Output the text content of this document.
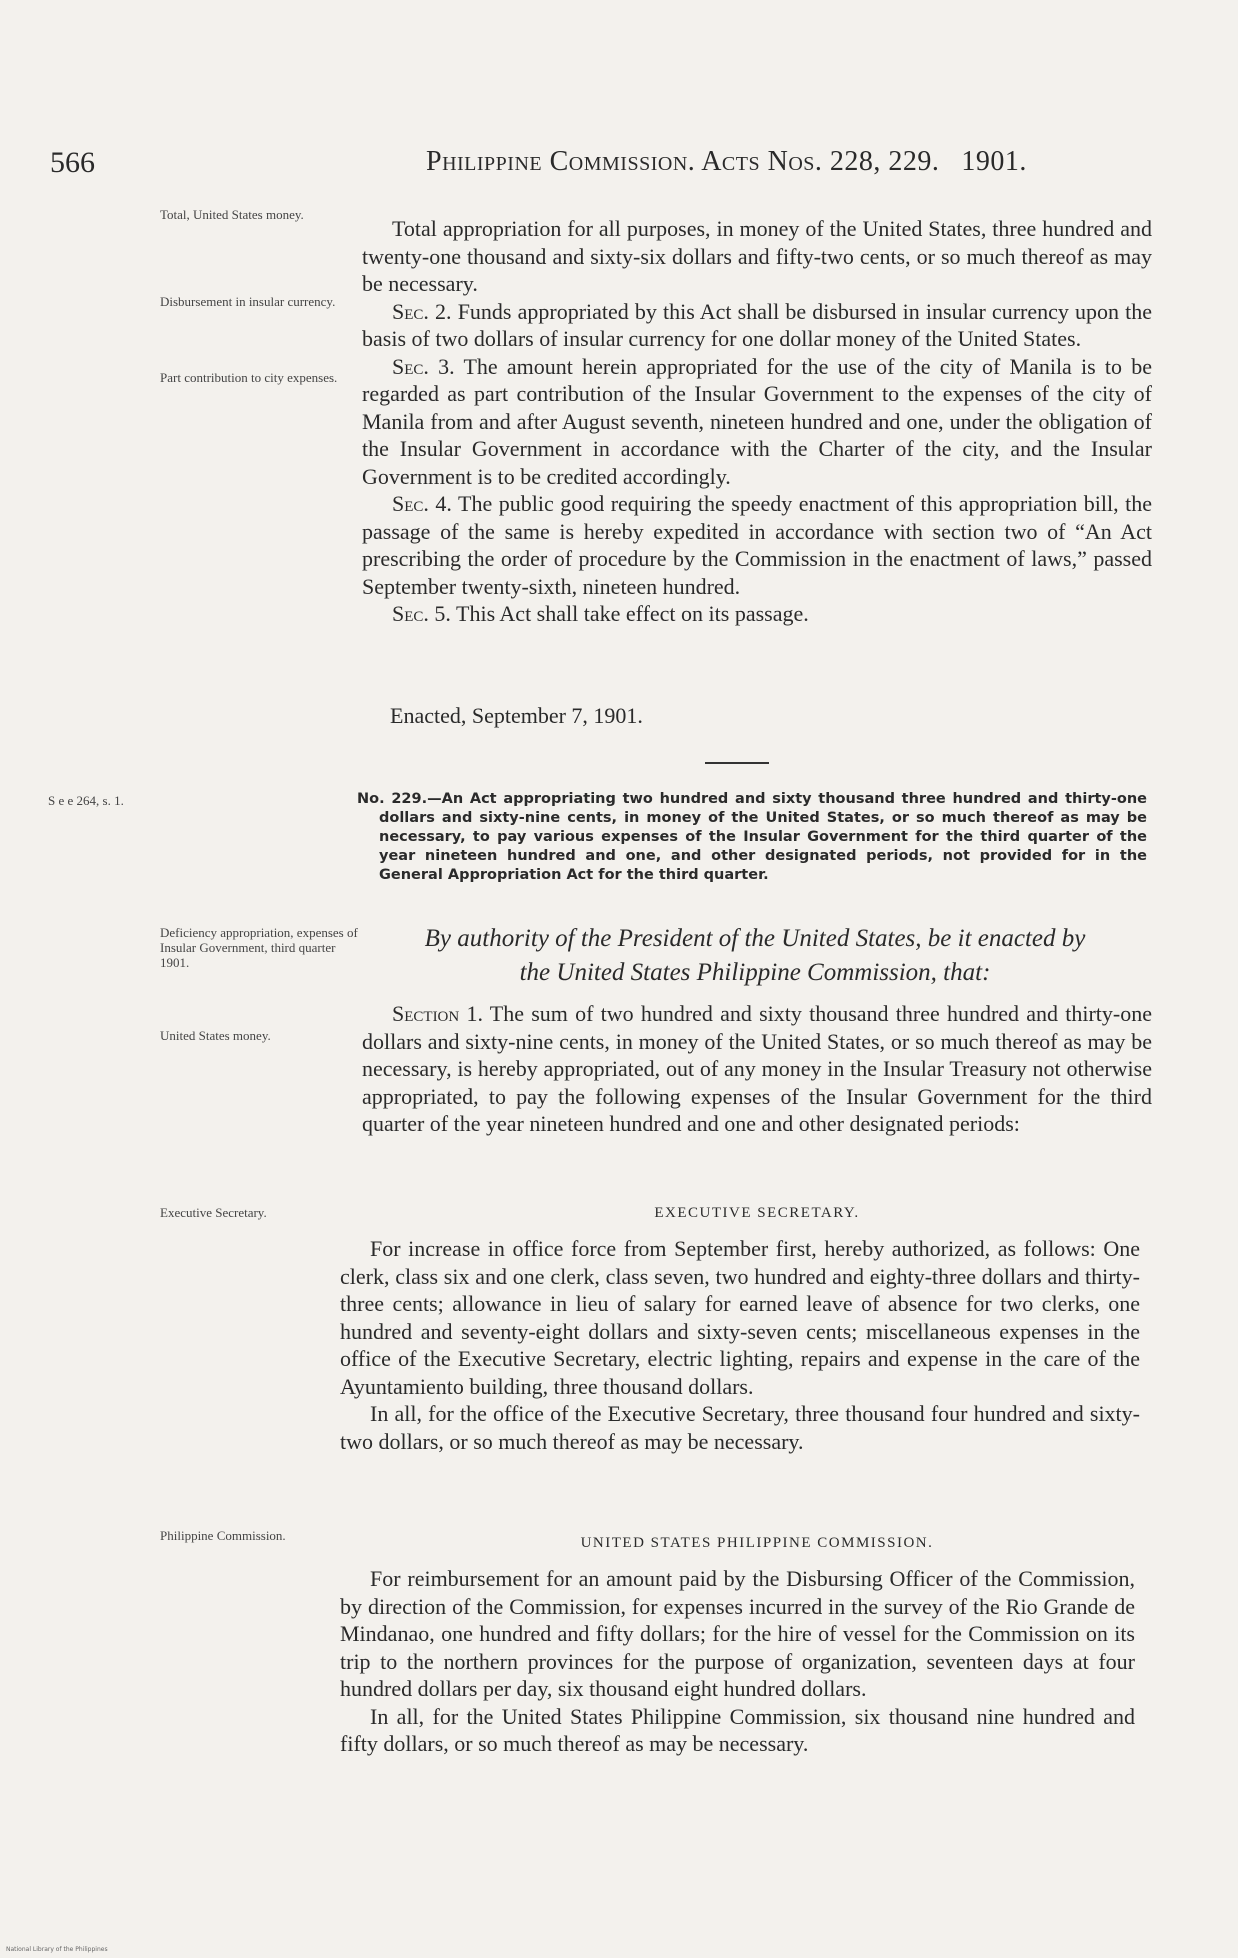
566	Philippine Commission. Acts Nos. 228, 229. 1901.
Total, United States money.
Disbursement in insular currency.
Part contribution to city expenses.
S e e 264, s. 1.
Deficiency appropriation, expenses of Insular Government, third quarter 1901.
United States money.
Executive Secretary.
Philippine Commission.

Total appropriation for all purposes, in money of the United States, three hundred and twenty-one thousand and sixty-six dollars and fifty-two cents, or so much thereof as may be necessary.

Sec. 2. Funds appropriated by this Act shall be disbursed in insular currency upon the basis of two dollars of insular currency for one dollar money of the United States.

Sec. 3. The amount herein appropriated for the use of the city of Manila is to be regarded as part contribution of the Insular Government to the expenses of the city of Manila from and after August seventh, nineteen hundred and one, under the obligation of the Insular Government in accordance with the Charter of the city, and the Insular Government is to be credited accordingly.

Sec. 4. The public good requiring the speedy enactment of this appropriation bill, the passage of the same is hereby expedited in accordance with section two of “An Act prescribing the order of procedure by the Commission in the enactment of laws,” passed September twenty-sixth, nineteen hundred.

Sec. 5. This Act shall take effect on its passage.

Enacted, September 7, 1901.
No. 229.—An Act appropriating two hundred and sixty thousand three hundred and thirty-one dollars and sixty-nine cents, in money of the United States, or so much thereof as may be necessary, to pay various expenses of the Insular Government for the third quarter of the year nineteen hundred and one, and other designated periods, not provided for in the General Appropriation Act for the third quarter.
By authority of the President of the United States, be it enacted by
the United States Philippine Commission, that:

Section 1. The sum of two hundred and sixty thousand three hundred and thirty-one dollars and sixty-nine cents, in money of the United States, or so much thereof as may be necessary, is hereby appropriated, out of any money in the Insular Treasury not otherwise appropriated, to pay the following expenses of the Insular Government for the third quarter of the year nineteen hundred and one and other designated periods:

EXECUTIVE SECRETARY.

For increase in office force from September first, hereby authorized, as follows: One clerk, class six and one clerk, class seven, two hundred and eighty-three dollars and thirty-three cents; allowance in lieu of salary for earned leave of absence for two clerks, one hundred and seventy-eight dollars and sixty-seven cents; miscellaneous expenses in the office of the Executive Secretary, electric lighting, repairs and expense in the care of the Ayuntamiento building, three thousand dollars.

In all, for the office of the Executive Secretary, three thousand four hundred and sixty-two dollars, or so much thereof as may be necessary.

UNITED STATES PHILIPPINE COMMISSION.

For reimbursement for an amount paid by the Disbursing Officer of the Commission, by direction of the Commission, for expenses incurred in the survey of the Rio Grande de Mindanao, one hundred and fifty dollars; for the hire of vessel for the Commission on its trip to the northern provinces for the purpose of organization, seventeen days at four hundred dollars per day, six thousand eight hundred dollars.

In all, for the United States Philippine Commission, six thousand nine hundred and fifty dollars, or so much thereof as may be necessary.

National Library of the Philippines
